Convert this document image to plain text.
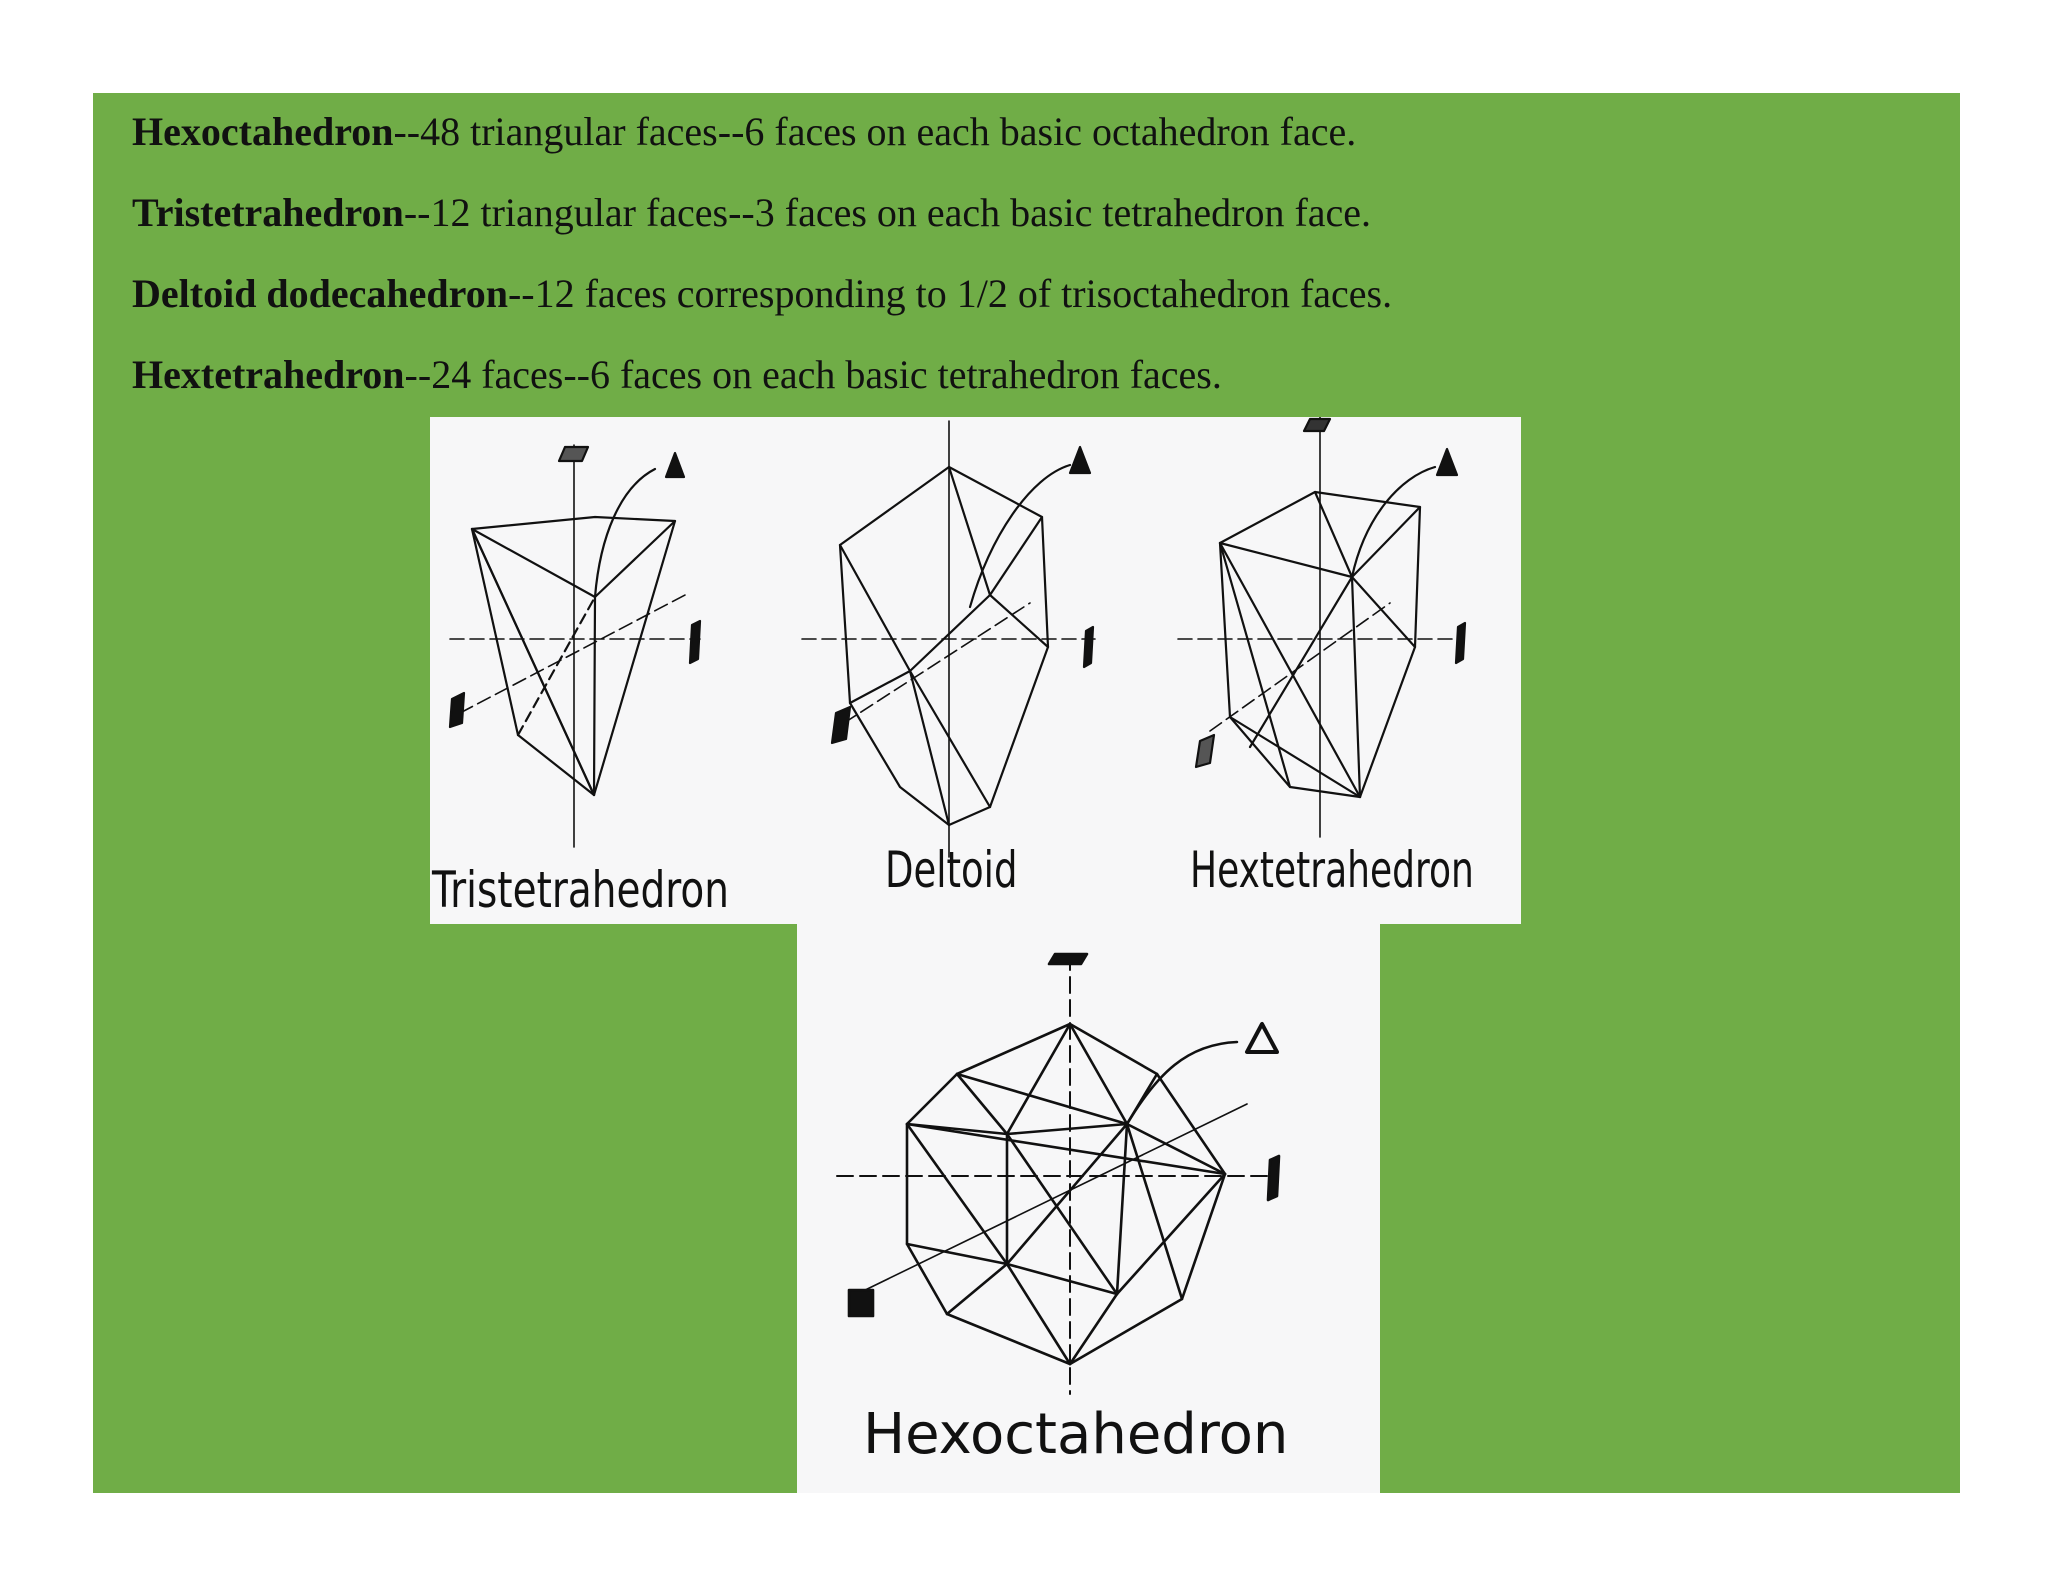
Hexoctahedron--48 triangular faces--6 faces on each basic octahedron face.
Tristetrahedron--12 triangular faces--3 faces on each basic tetrahedron face.
Deltoid dodecahedron--12 faces corresponding to 1/2 of trisoctahedron faces.
Hextetrahedron--24 faces--6 faces on each basic tetrahedron faces.
Tristetrahedron	Deltoid	Hextetrahedron
Hexoctahedron
